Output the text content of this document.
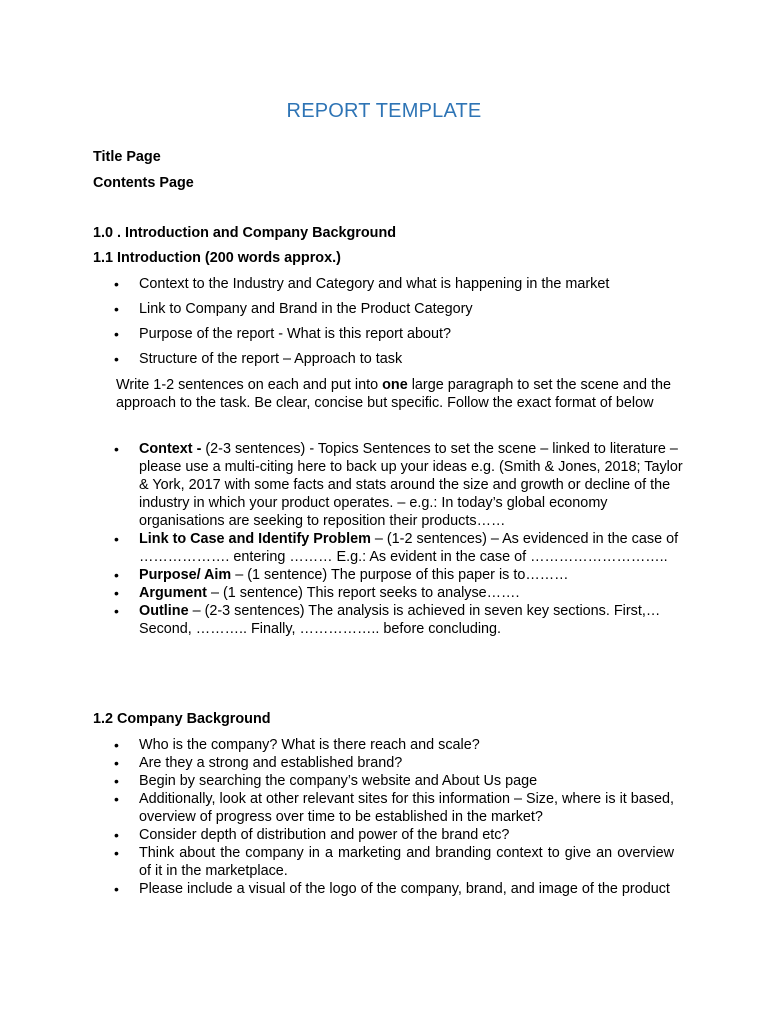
REPORT TEMPLATE
Title Page
Contents Page
1.0 . Introduction and Company Background
1.1 Introduction (200 words approx.)
• Context to the Industry and Category and what is happening in the market
• Link to Company and Brand in the Product Category
• Purpose of the report - What is this report about?
• Structure of the report – Approach to task
Write 1-2 sentences on each and put into one large paragraph to set the scene and the approach to the task. Be clear, concise but specific. Follow the exact format of below
• Context - (2-3 sentences) - Topics Sentences to set the scene – linked to literature – please use a multi-citing here to back up your ideas e.g. (Smith & Jones, 2018; Taylor & York, 2017 with some facts and stats around the size and growth or decline of the industry in which your product operates. – e.g.: In today’s global economy organisations are seeking to reposition their products……
• Link to Case and Identify Problem – (1-2 sentences) – As evidenced in the case of ………………. entering ……… E.g.: As evident in the case of ………………………..
• Purpose/ Aim – (1 sentence) The purpose of this paper is to………
• Argument – (1 sentence) This report seeks to analyse…….
• Outline – (2-3 sentences) The analysis is achieved in seven key sections. First,… Second, ……….. Finally, …………….. before concluding.
1.2 Company Background
• Who is the company? What is there reach and scale?
• Are they a strong and established brand?
• Begin by searching the company’s website and About Us page
• Additionally, look at other relevant sites for this information – Size, where is it based, overview of progress over time to be established in the market?
• Consider depth of distribution and power of the brand etc?
• Think about the company in a marketing and branding context to give an overview of it in the marketplace.
• Please include a visual of the logo of the company, brand, and image of the product
